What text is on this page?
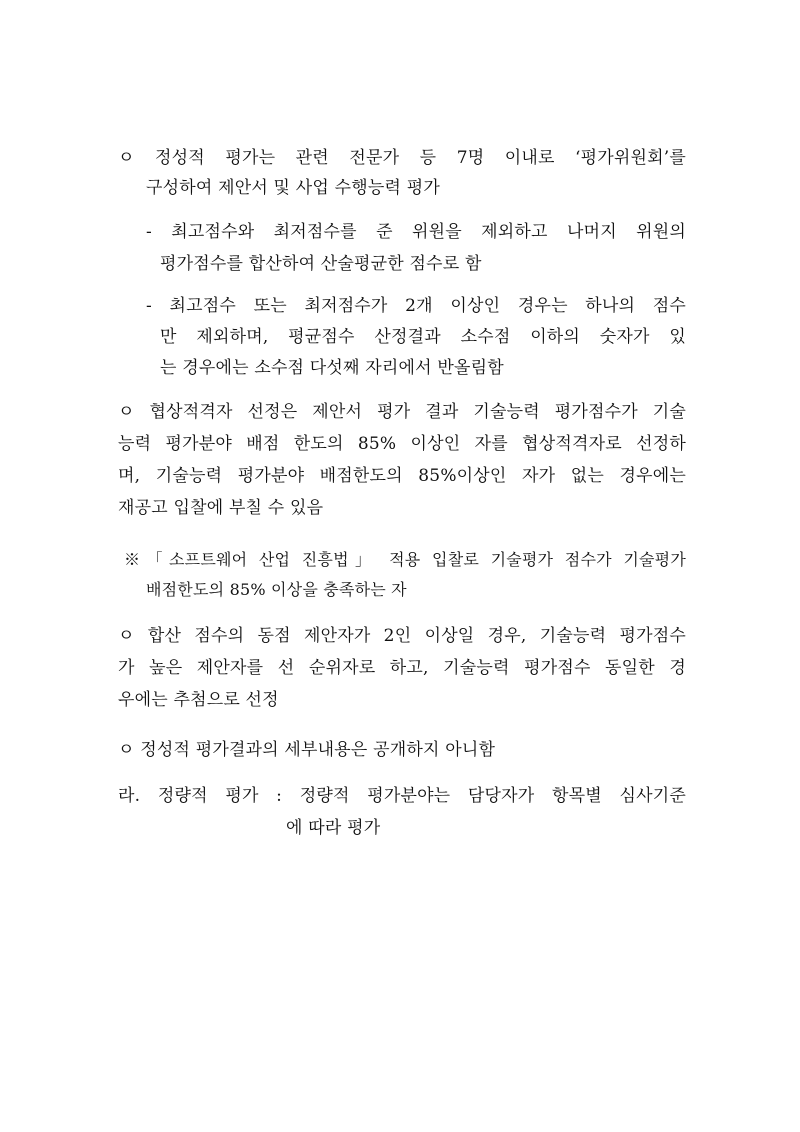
ㅇ 정성적 평가는 관련 전문가 등 7명 이내로 ‘평가위원회’를
구성하여 제안서 및 사업 수행능력 평가
- 최고점수와 최저점수를 준 위원을 제외하고 나머지 위원의
평가점수를 합산하여 산술평균한 점수로 함
- 최고점수 또는 최저점수가 2개 이상인 경우는 하나의 점수
만 제외하며, 평균점수 산정결과 소수점 이하의 숫자가 있
는 경우에는 소수점 다섯째 자리에서 반올림함
ㅇ 협상적격자 선정은 제안서 평가 결과 기술능력 평가점수가 기술
능력 평가분야 배점 한도의 85% 이상인 자를 협상적격자로 선정하
며, 기술능력 평가분야 배점한도의 85%이상인 자가 없는 경우에는
재공고 입찰에 부칠 수 있음
※「소프트웨어 산업 진흥법」 적용 입찰로 기술평가 점수가 기술평가
배점한도의 85% 이상을 충족하는 자
ㅇ 합산 점수의 동점 제안자가 2인 이상일 경우, 기술능력 평가점수
가 높은 제안자를 선 순위자로 하고, 기술능력 평가점수 동일한 경
우에는 추첨으로 선정
ㅇ 정성적 평가결과의 세부내용은 공개하지 아니함
라. 정량적 평가 : 정량적 평가분야는 담당자가 항목별 심사기준
에 따라 평가
